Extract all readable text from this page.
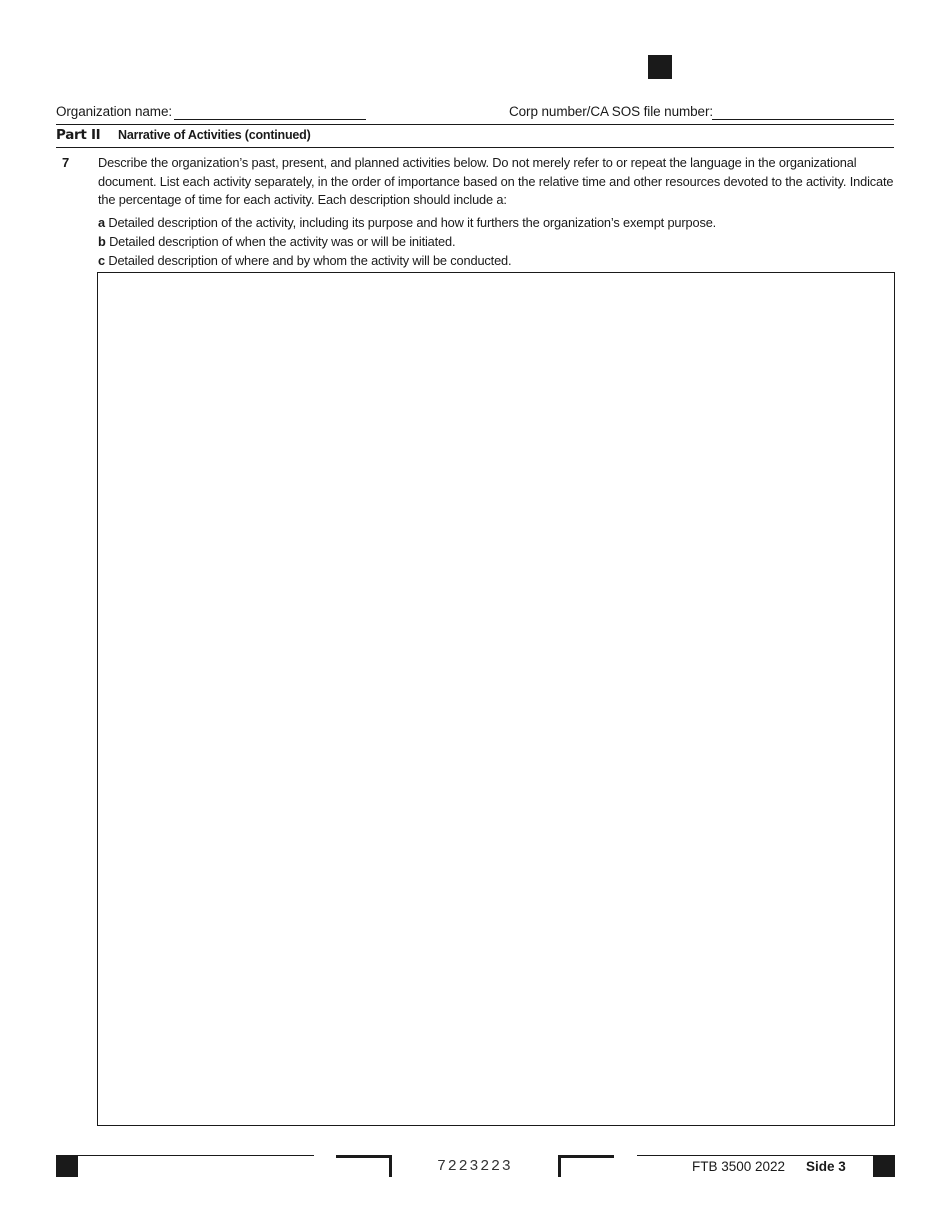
Organization name:	Corp number/CA SOS file number:
Part II Narrative of Activities (continued)
7 Describe the organization’s past, present, and planned activities below. Do not merely refer to or repeat the language in the organizational document. List each activity separately, in the order of importance based on the relative time and other resources devoted to the activity. Indicate the percentage of time for each activity. Each description should include a:
a Detailed description of the activity, including its purpose and how it furthers the organization’s exempt purpose.
b Detailed description of when the activity was or will be initiated.
c Detailed description of where and by whom the activity will be conducted.
7223223	FTB 3500 2022 Side 3
